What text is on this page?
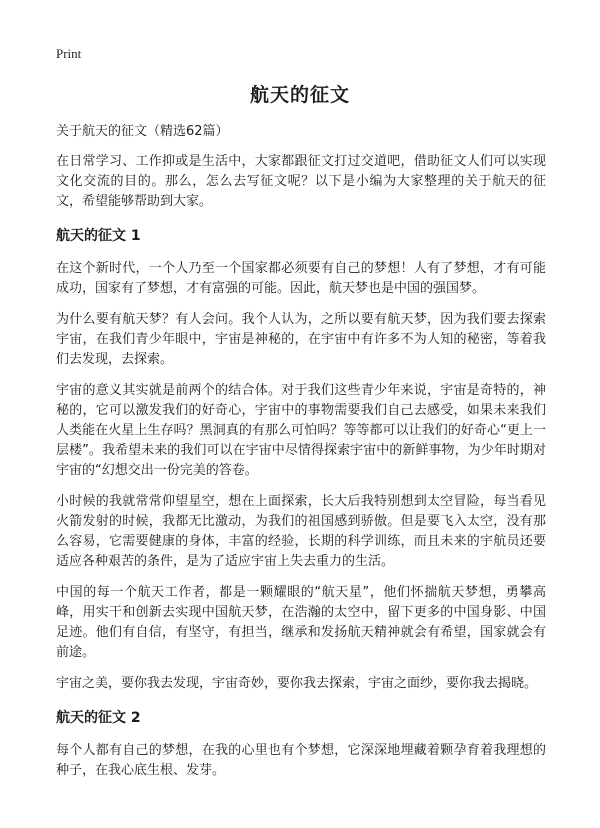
Print
航天的征文

关于航天的征文（精选62篇）

在日常学习、工作抑或是生活中，大家都跟征文打过交道吧，借助征文人们可以实现文化交流的目的。那么，怎么去写征文呢？以下是小编为大家整理的关于航天的征文，希望能够帮助到大家。

航天的征文 1

在这个新时代，一个人乃至一个国家都必须要有自己的梦想！人有了梦想，才有可能成功，国家有了梦想，才有富强的可能。因此，航天梦也是中国的强国梦。

为什么要有航天梦？有人会问。我个人认为，之所以要有航天梦，因为我们要去探索宇宙，在我们青少年眼中，宇宙是神秘的，在宇宙中有许多不为人知的秘密，等着我们去发现，去探索。

宇宙的意义其实就是前两个的结合体。对于我们这些青少年来说，宇宙是奇特的，神秘的，它可以激发我们的好奇心，宇宙中的事物需要我们自己去感受，如果未来我们人类能在火星上生存吗？黑洞真的有那么可怕吗？等等都可以让我们的好奇心“更上一层楼”。我希望未来的我们可以在宇宙中尽情得探索宇宙中的新鲜事物，为少年时期对宇宙的“幻想交出一份完美的答卷。

小时候的我就常常仰望星空，想在上面探索，长大后我特别想到太空冒险，每当看见火箭发射的时候，我都无比激动，为我们的祖国感到骄傲。但是要飞入太空，没有那么容易，它需要健康的身体，丰富的经验，长期的科学训练，而且未来的宇航员还要适应各种艰苦的条件，是为了适应宇宙上失去重力的生活。

中国的每一个航天工作者，都是一颗耀眼的“航天星”，他们怀揣航天梦想，勇攀高峰，用实干和创新去实现中国航天梦，在浩瀚的太空中，留下更多的中国身影、中国足迹。他们有自信，有坚守，有担当，继承和发扬航天精神就会有希望，国家就会有前途。

宇宙之美，要你我去发现，宇宙奇妙，要你我去探索，宇宙之面纱，要你我去揭晓。

航天的征文 2

每个人都有自己的梦想，在我的心里也有个梦想，它深深地埋藏着颗孕育着我理想的种子，在我心底生根、发芽。
